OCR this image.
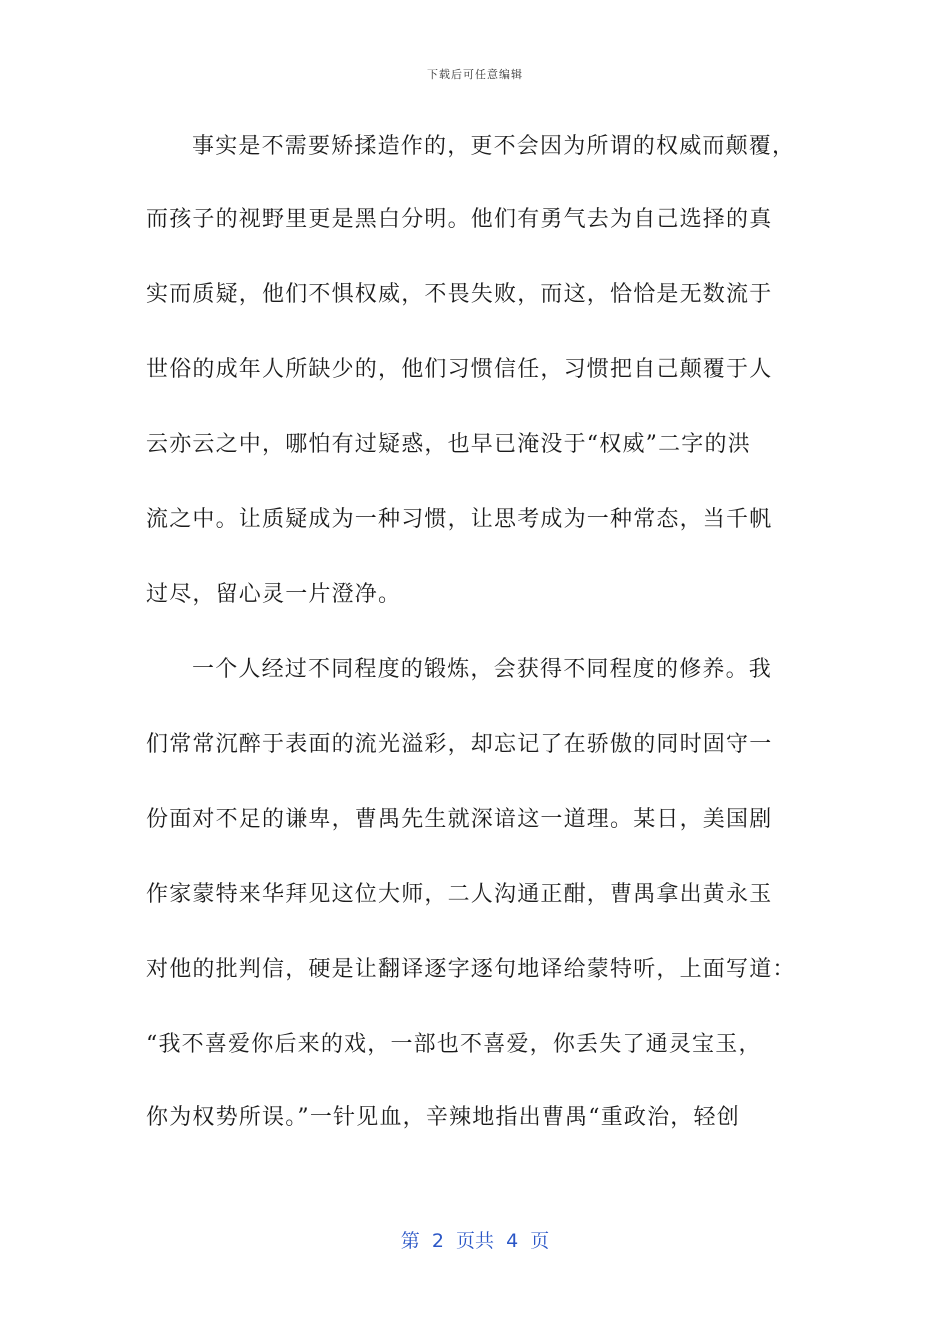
下载后可任意编辑
事实是不需要矫揉造作的，更不会因为所谓的权威而颠覆，
而孩子的视野里更是黑白分明。他们有勇气去为自己选择的真
实而质疑，他们不惧权威，不畏失败，而这，恰恰是无数流于
世俗的成年人所缺少的，他们习惯信任，习惯把自己颠覆于人
云亦云之中，哪怕有过疑惑，也早已淹没于“权威”二字的洪
流之中。让质疑成为一种习惯，让思考成为一种常态，当千帆
过尽，留心灵一片澄净。
一个人经过不同程度的锻炼，会获得不同程度的修养。我
们常常沉醉于表面的流光溢彩，却忘记了在骄傲的同时固守一
份面对不足的谦卑，曹禺先生就深谙这一道理。某日，美国剧
作家蒙特来华拜见这位大师，二人沟通正酣，曹禺拿出黄永玉
对他的批判信，硬是让翻译逐字逐句地译给蒙特听，上面写道：
“我不喜爱你后来的戏，一部也不喜爱，你丢失了通灵宝玉，
你为权势所误。”一针见血，辛辣地指出曹禺“重政治，轻创
第  2  页共  4  页
